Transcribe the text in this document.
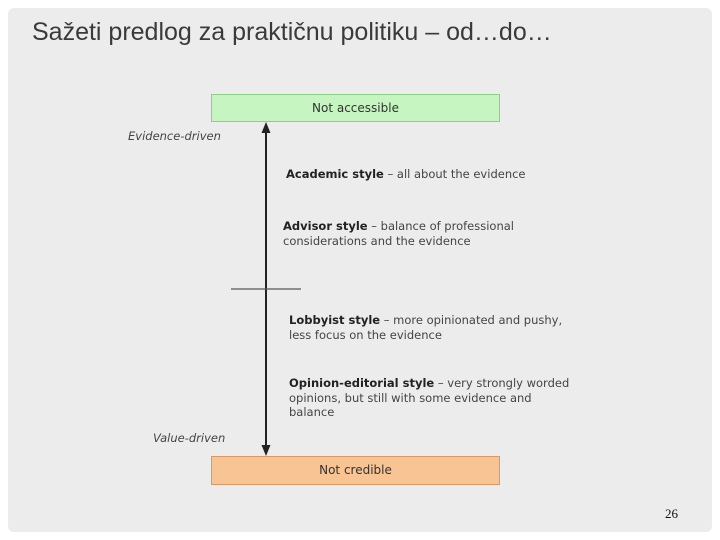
Sažeti predlog za praktičnu politiku – od…do…
Not accessible
Evidence-driven
Value-driven
Academic style – all about the evidence
Advisor style – balance of professional considerations and the evidence
Lobbyist style – more opinionated and pushy, less focus on the evidence
Opinion-editorial style – very strongly worded opinions, but still with some evidence and balance
Not credible
26
